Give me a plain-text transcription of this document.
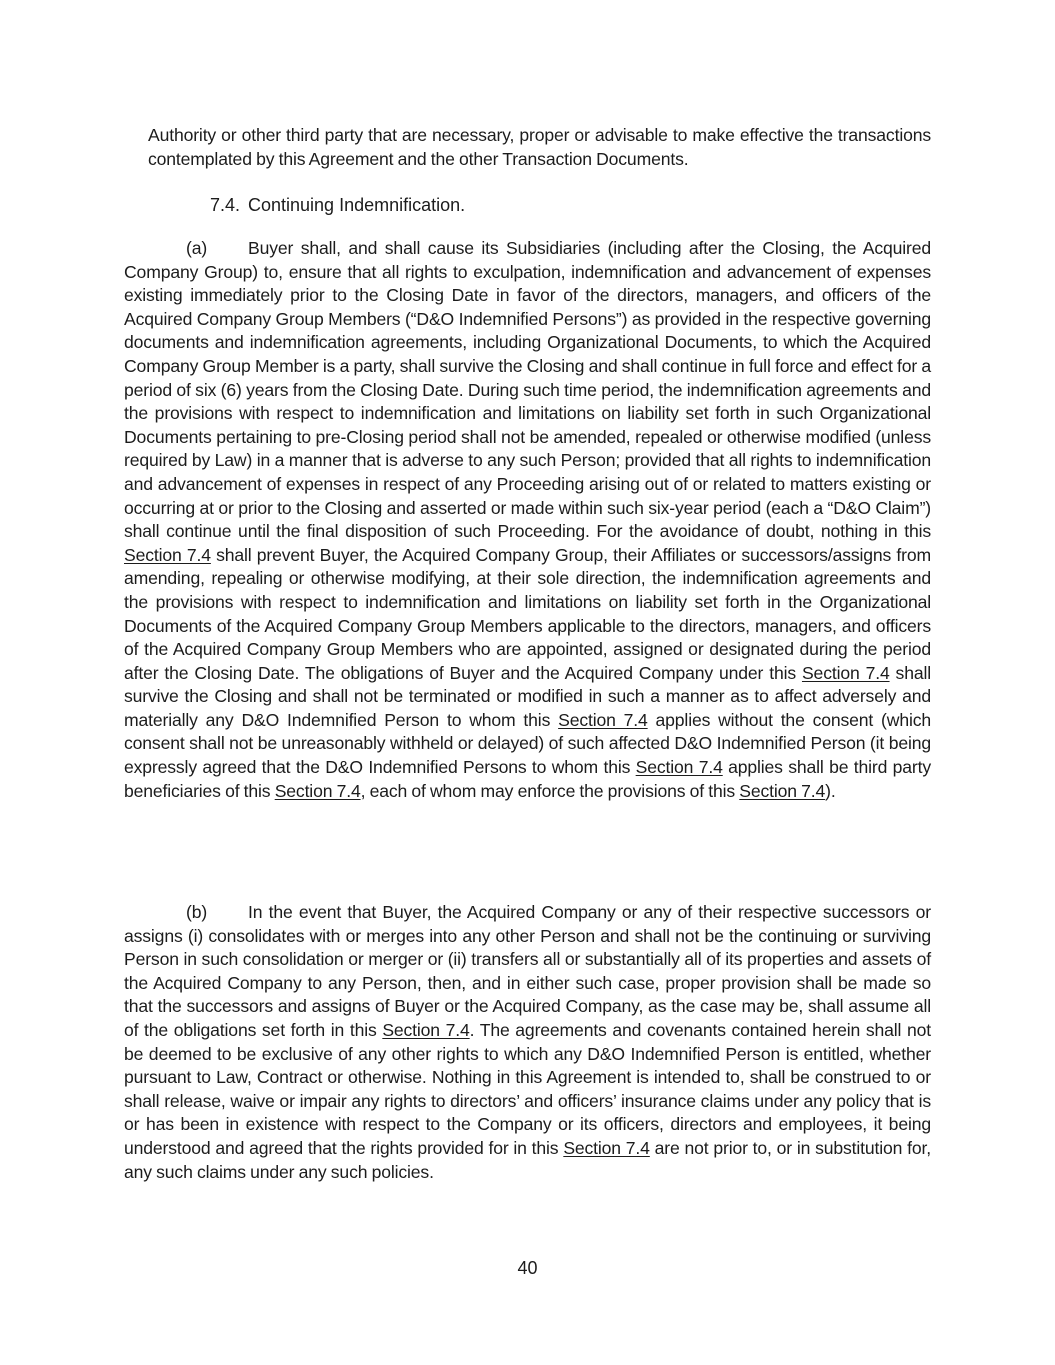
Authority or other third party that are necessary, proper or advisable to make effective the transactions contemplated by this Agreement and the other Transaction Documents.

7.4. Continuing Indemnification.

(a) Buyer shall, and shall cause its Subsidiaries (including after the Closing, the Acquired Company Group) to, ensure that all rights to exculpation, indemnification and advancement of expenses existing immediately prior to the Closing Date in favor of the directors, managers, and officers of the Acquired Company Group Members (“D&O Indemnified Persons”) as provided in the respective governing documents and indemnification agreements, including Organizational Documents, to which the Acquired Company Group Member is a party, shall survive the Closing and shall continue in full force and effect for a period of six (6) years from the Closing Date. During such time period, the indemnification agreements and the provisions with respect to indemnification and limitations on liability set forth in such Organizational Documents pertaining to pre-Closing period shall not be amended, repealed or otherwise modified (unless required by Law) in a manner that is adverse to any such Person; provided that all rights to indemnification and advancement of expenses in respect of any Proceeding arising out of or related to matters existing or occurring at or prior to the Closing and asserted or made within such six-year period (each a “D&O Claim”) shall continue until the final disposition of such Proceeding. For the avoidance of doubt, nothing in this Section 7.4 shall prevent Buyer, the Acquired Company Group, their Affiliates or successors/assigns from amending, repealing or otherwise modifying, at their sole direction, the indemnification agreements and the provisions with respect to indemnification and limitations on liability set forth in the Organizational Documents of the Acquired Company Group Members applicable to the directors, managers, and officers of the Acquired Company Group Members who are appointed, assigned or designated during the period after the Closing Date. The obligations of Buyer and the Acquired Company under this Section 7.4 shall survive the Closing and shall not be terminated or modified in such a manner as to affect adversely and materially any D&O Indemnified Person to whom this Section 7.4 applies without the consent (which consent shall not be unreasonably withheld or delayed) of such affected D&O Indemnified Person (it being expressly agreed that the D&O Indemnified Persons to whom this Section 7.4 applies shall be third party beneficiaries of this Section 7.4, each of whom may enforce the provisions of this Section 7.4).

(b) In the event that Buyer, the Acquired Company or any of their respective successors or assigns (i) consolidates with or merges into any other Person and shall not be the continuing or surviving Person in such consolidation or merger or (ii) transfers all or substantially all of its properties and assets of the Acquired Company to any Person, then, and in either such case, proper provision shall be made so that the successors and assigns of Buyer or the Acquired Company, as the case may be, shall assume all of the obligations set forth in this Section 7.4. The agreements and covenants contained herein shall not be deemed to be exclusive of any other rights to which any D&O Indemnified Person is entitled, whether pursuant to Law, Contract or otherwise. Nothing in this Agreement is intended to, shall be construed to or shall release, waive or impair any rights to directors’ and officers’ insurance claims under any policy that is or has been in existence with respect to the Company or its officers, directors and employees, it being understood and agreed that the rights provided for in this Section 7.4 are not prior to, or in substitution for, any such claims under any such policies.

40
